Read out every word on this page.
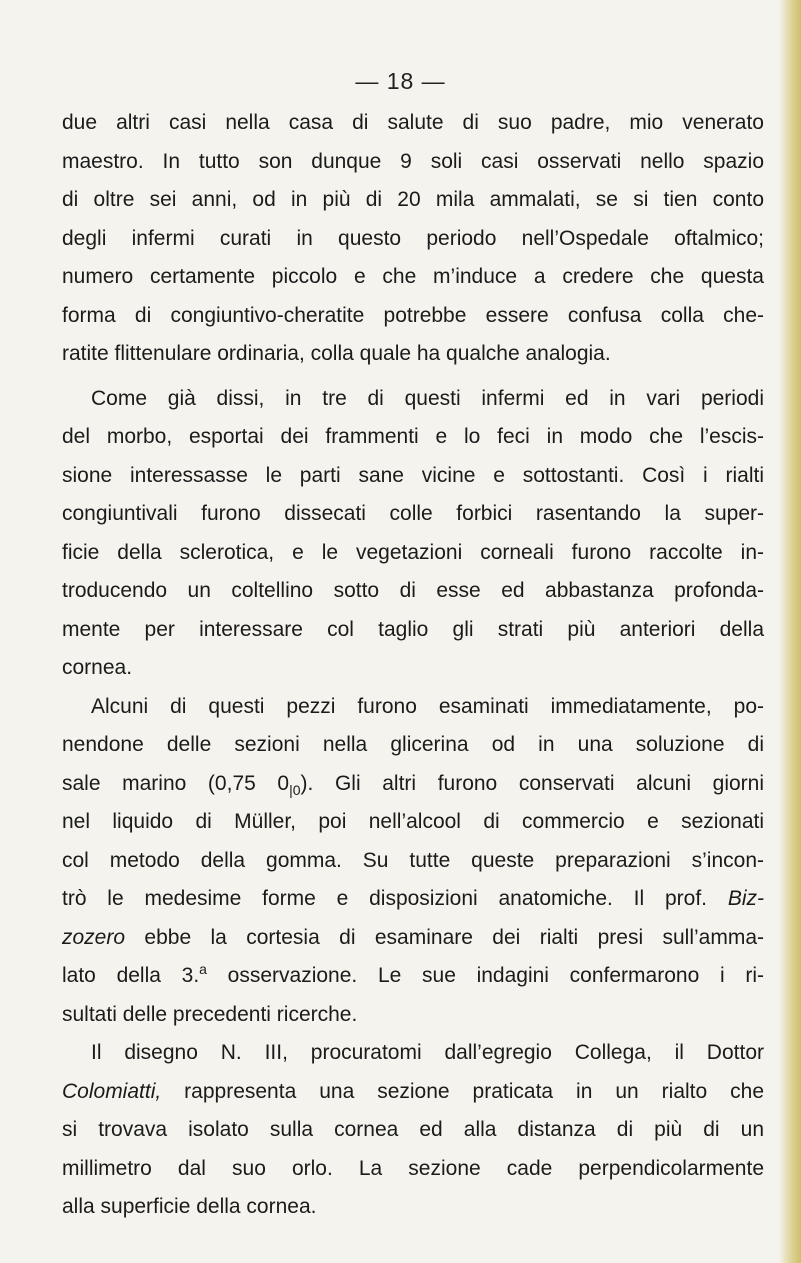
— 18 —
due altri casi nella casa di salute di suo padre, mio venerato
maestro. In tutto son dunque 9 soli casi osservati nello spazio
di oltre sei anni, od in più di 20 mila ammalati, se si tien conto
degli infermi curati in questo periodo nell’Ospedale oftalmico;
numero certamente piccolo e che m’induce a credere che questa
forma di congiuntivo-cheratite potrebbe essere confusa colla che-
ratite flittenulare ordinaria, colla quale ha qualche analogia.
Come già dissi, in tre di questi infermi ed in vari periodi
del morbo, esportai dei frammenti e lo feci in modo che l’escis-
sione interessasse le parti sane vicine e sottostanti. Così i rialti
congiuntivali furono dissecati colle forbici rasentando la super-
ficie della sclerotica, e le vegetazioni corneali furono raccolte in-
troducendo un coltellino sotto di esse ed abbastanza profonda-
mente per interessare col taglio gli strati più anteriori della
cornea.
Alcuni di questi pezzi furono esaminati immediatamente, po-
nendone delle sezioni nella glicerina od in una soluzione di
sale marino (0,75 $0_{|0}$). Gli altri furono conservati alcuni giorni
nel liquido di Müller, poi nell’alcool di commercio e sezionati
col metodo della gomma. Su tutte queste preparazioni s’incon-
trò le medesime forme e disposizioni anatomiche. Il prof. Biz-
zozero ebbe la cortesia di esaminare dei rialti presi sull’amma-
lato della 3.$^a$ osservazione. Le sue indagini confermarono i ri-
sultati delle precedenti ricerche.
Il disegno N. III, procuratomi dall’egregio Collega, il Dottor
Colomiatti, rappresenta una sezione praticata in un rialto che
si trovava isolato sulla cornea ed alla distanza di più di un
millimetro dal suo orlo. La sezione cade perpendicolarmente
alla superficie della cornea.
